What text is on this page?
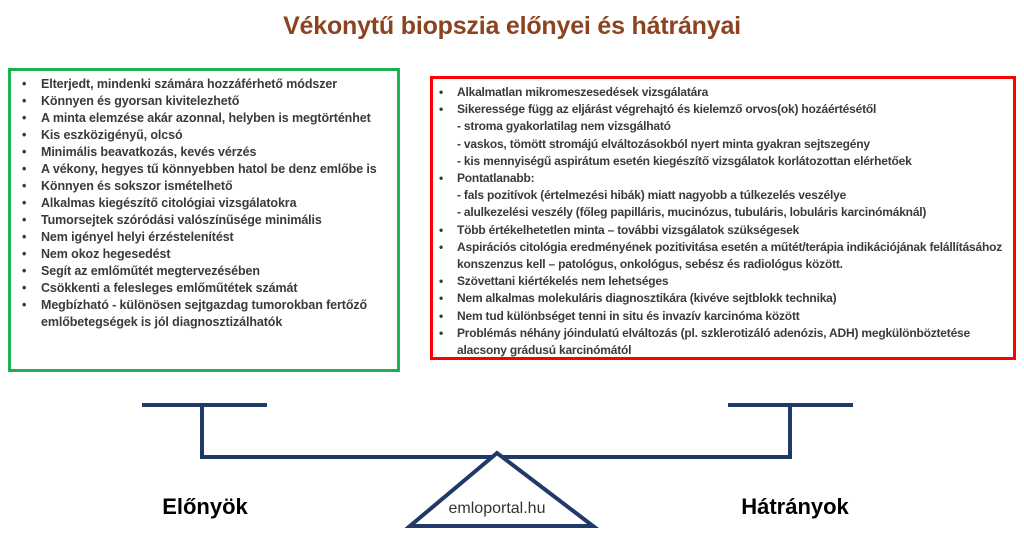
Vékonytű biopszia előnyei és hátrányai
• Elterjedt, mindenki számára hozzáférhető módszer
• Könnyen és gyorsan kivitelezhető
• A minta elemzése akár azonnal, helyben is megtörténhet
• Kis eszközigényű, olcsó
• Minimális beavatkozás, kevés vérzés
• A vékony, hegyes tű könnyebben hatol be denz emlőbe is
• Könnyen és sokszor ismételhető
• Alkalmas kiegészítő citológiai vizsgálatokra
• Tumorsejtek szóródási valószínűsége minimális
• Nem igényel helyi érzéstelenítést
• Nem okoz hegesedést
• Segít az emlőműtét megtervezésében
• Csökkenti a felesleges emlőműtétek számát
• Megbízható - különösen sejtgazdag tumorokban fertőző emlőbetegségek is jól diagnosztizálhatók
• Alkalmatlan mikromeszesedések vizsgálatára
• Sikeressége függ az eljárást végrehajtó és kielemző orvos(ok) hozáértésétől
- stroma gyakorlatilag nem vizsgálható
- vaskos, tömött stromájú elváltozásokból nyert minta gyakran sejtszegény
- kis mennyiségű aspirátum esetén kiegészítő vizsgálatok korlátozottan elérhetőek
• Pontatlanabb:
- fals pozitívok (értelmezési hibák) miatt nagyobb a túlkezelés veszélye
- alulkezelési veszély (főleg papilláris, mucinózus, tubuláris, lobuláris karcinómáknál)
• Több értékelhetetlen minta – további vizsgálatok szükségesek
• Aspirációs citológia eredményének pozitivitása esetén a műtét/terápia indikációjának felállításához konszenzus kell – patológus, onkológus, sebész és radiológus között.
• Szövettani kiértékelés nem lehetséges
• Nem alkalmas molekuláris diagnosztikára (kivéve sejtblokk technika)
• Nem tud különbséget tenni in situ és invazív karcinóma között
• Problémás néhány jóindulatú elváltozás (pl. szklerotizáló adenózis, ADH) megkülönböztetése alacsony grádusú karcinómától
emloportal.hu
Előnyök	Hátrányok
